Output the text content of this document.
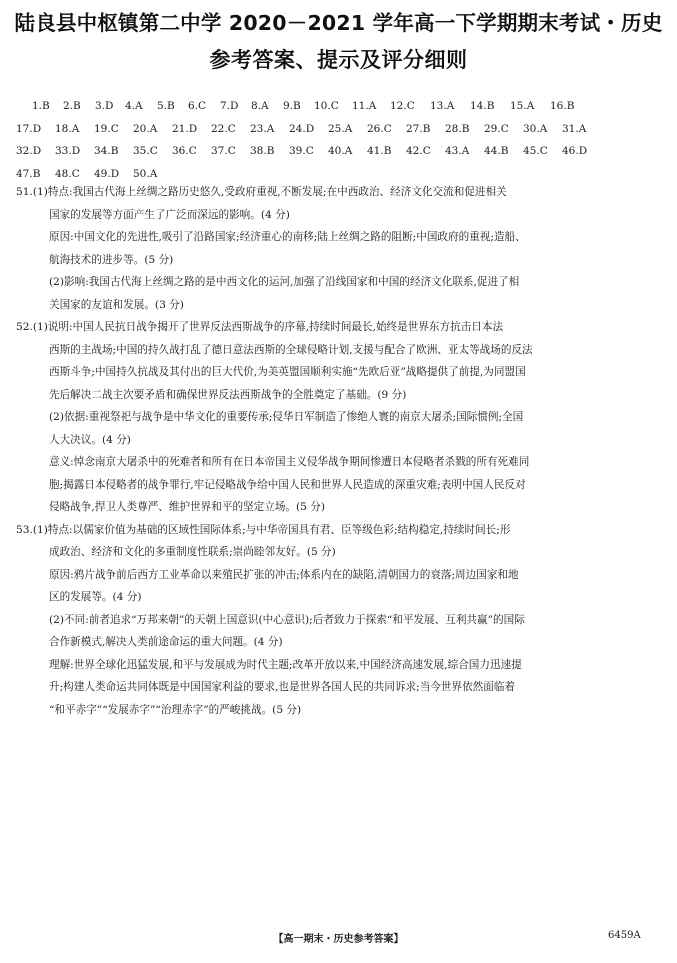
陆良县中枢镇第二中学 2020－2021 学年高一下学期期末考试・历史
参考答案、提示及评分细则
1.B 2.B 3.D 4.A 5.B 6.C 7.D 8.A 9.B 10.C 11.A 12.C 13.A 14.B 15.A 16.B
17.D 18.A 19.C 20.A 21.D 22.C 23.A 24.D 25.A 26.C 27.B 28.B 29.C 30.A 31.A
32.D 33.D 34.B 35.C 36.C 37.C 38.B 39.C 40.A 41.B 42.C 43.A 44.B 45.C 46.D
47.B 48.C 49.D 50.A
51.(1)特点:我国古代海上丝绸之路历史悠久,受政府重视,不断发展;在中西政治、经济文化交流和促进相关
国家的发展等方面产生了广泛而深远的影响。(4 分)
原因:中国文化的先进性,吸引了沿路国家;经济重心的南移;陆上丝绸之路的阻断;中国政府的重视;造船、
航海技术的进步等。(5 分)
(2)影响:我国古代海上丝绸之路的是中西文化的运河,加强了沿线国家和中国的经济文化联系,促进了相
关国家的友谊和发展。(3 分)
52.(1)说明:中国人民抗日战争揭开了世界反法西斯战争的序幕,持续时间最长,始终是世界东方抗击日本法
西斯的主战场;中国的持久战打乱了德日意法西斯的全球侵略计划,支援与配合了欧洲、亚太等战场的反法
西斯斗争;中国持久抗战及其付出的巨大代价,为美英盟国顺利实施“先欧后亚”战略提供了前提,为同盟国
先后解决二战主次要矛盾和确保世界反法西斯战争的全胜奠定了基础。(9 分)
(2)依据:重视祭祀与战争是中华文化的重要传承;侵华日军制造了惨绝人寰的南京大屠杀;国际惯例;全国
人大决议。(4 分)
意义:悼念南京大屠杀中的死难者和所有在日本帝国主义侵华战争期间惨遭日本侵略者杀戮的所有死难同
胞;揭露日本侵略者的战争罪行,牢记侵略战争给中国人民和世界人民造成的深重灾难;表明中国人民反对
侵略战争,捍卫人类尊严、维护世界和平的坚定立场。(5 分)
53.(1)特点:以儒家价值为基础的区域性国际体系;与中华帝国具有君、臣等级色彩;结构稳定,持续时间长;形
成政治、经济和文化的多重制度性联系;崇尚睦邻友好。(5 分)
原因:鸦片战争前后西方工业革命以来殖民扩张的冲击;体系内在的缺陷,清朝国力的衰落;周边国家和地
区的发展等。(4 分)
(2)不同:前者追求“万邦来朝”的天朝上国意识(中心意识);后者致力于探索“和平发展、互利共赢”的国际
合作新模式,解决人类前途命运的重大问题。(4 分)
理解:世界全球化迅猛发展,和平与发展成为时代主题;改革开放以来,中国经济高速发展,综合国力迅速提
升;构建人类命运共同体既是中国国家利益的要求,也是世界各国人民的共同诉求;当今世界依然面临着
“和平赤字”“发展赤字”“治理赤字”的严峻挑战。(5 分)
【高一期末・历史参考答案】	6459A
